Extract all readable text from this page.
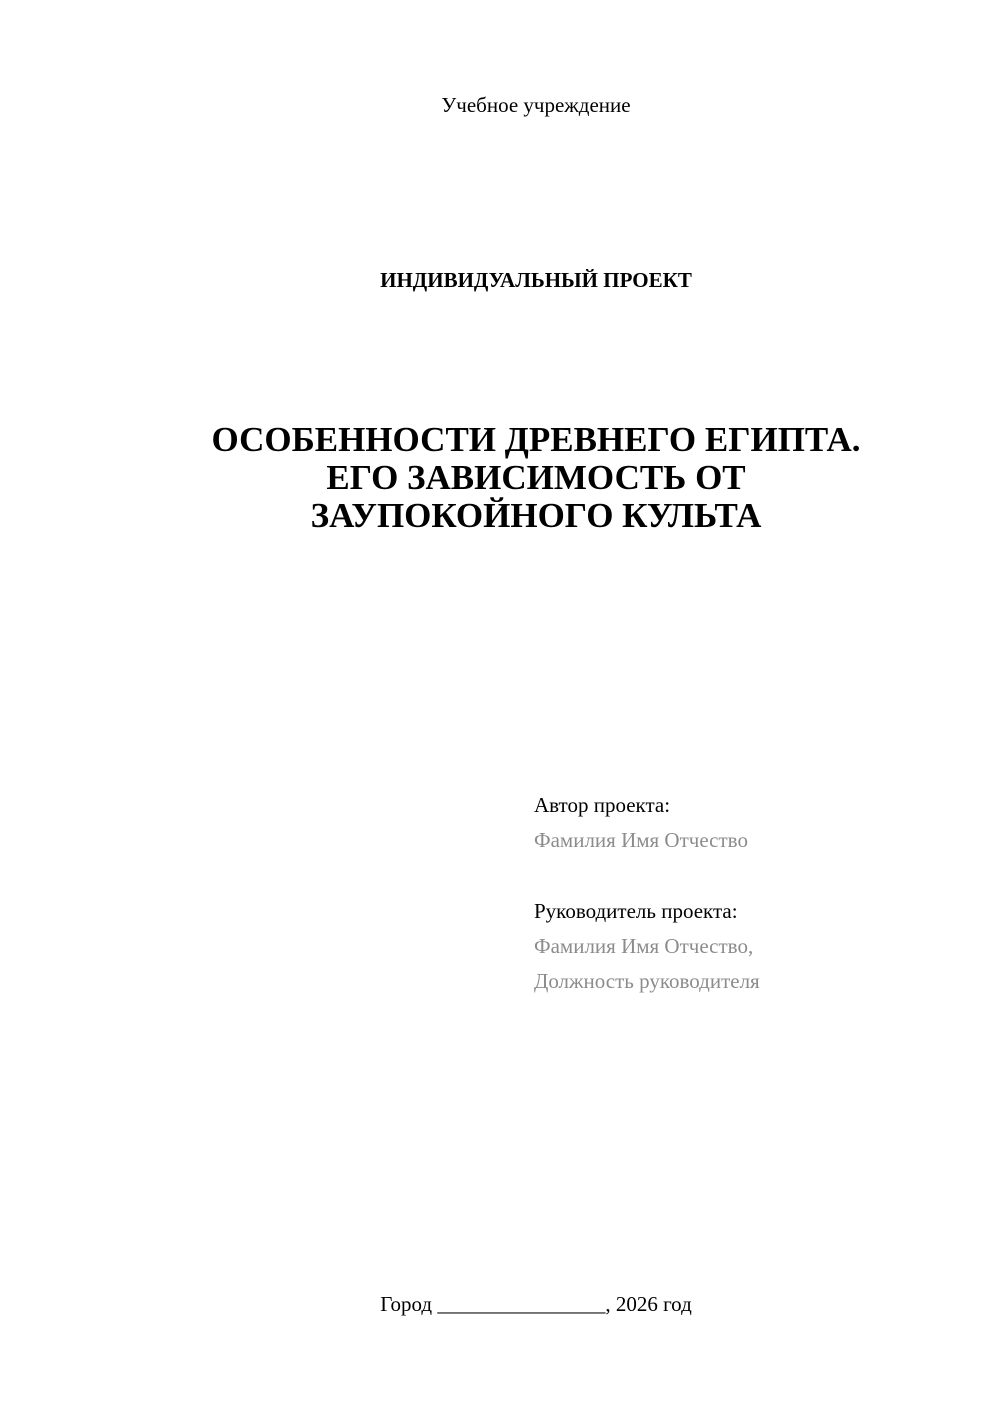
Учебное учреждение
ИНДИВИДУАЛЬНЫЙ ПРОЕКТ
ОСОБЕННОСТИ ДРЕВНЕГО ЕГИПТА.
ЕГО ЗАВИСИМОСТЬ ОТ
ЗАУПОКОЙНОГО КУЛЬТА
Автор проекта:
Фамилия Имя Отчество
Руководитель проекта:
Фамилия Имя Отчество,
Должность руководителя
Город ________________, 2026 год
